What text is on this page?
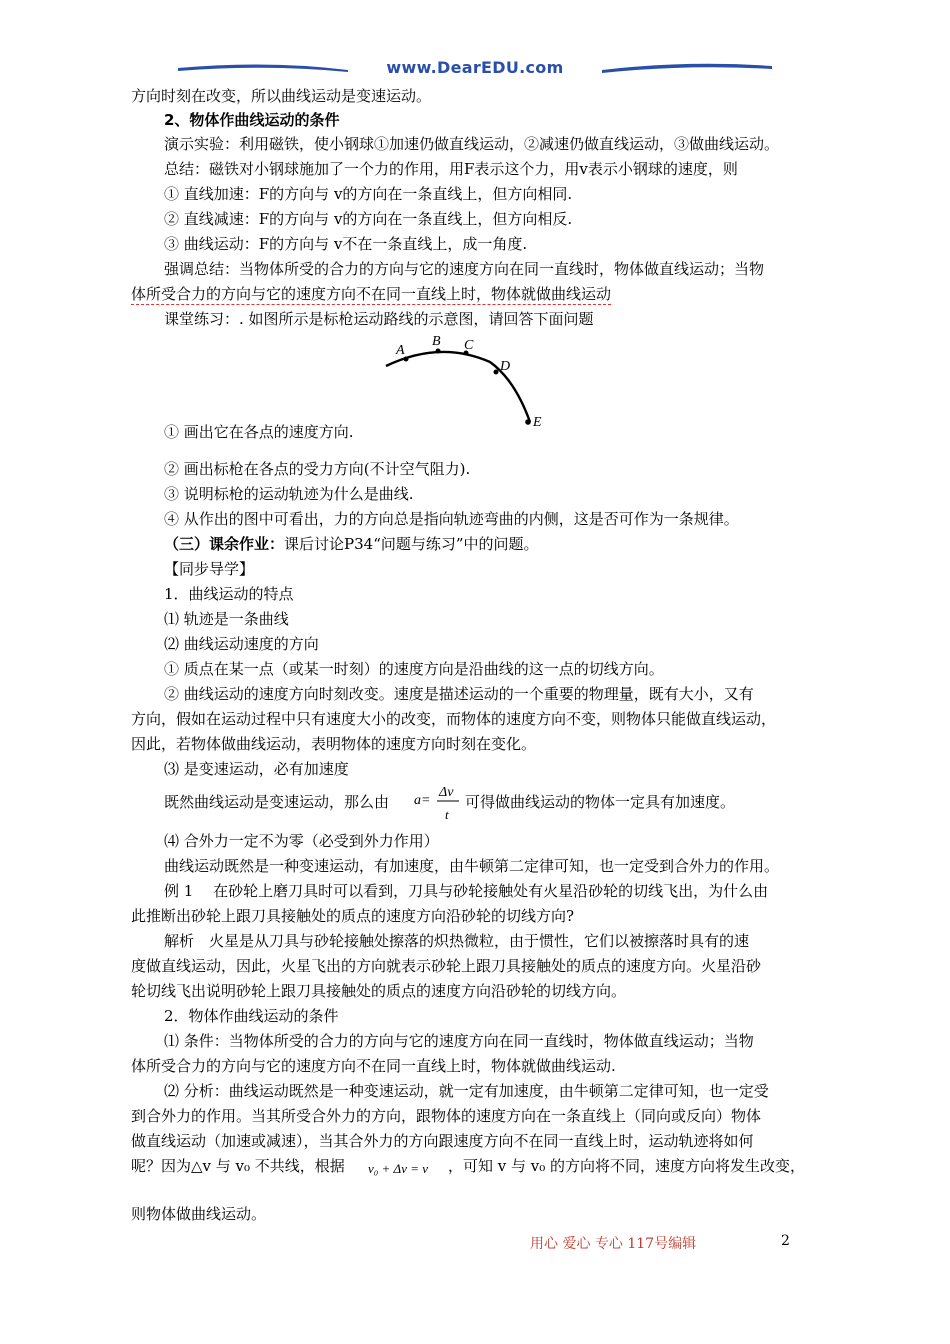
www.DearEDU.com
方向时刻在改变，所以曲线运动是变速运动。
2、物体作曲线运动的条件
演示实验：利用磁铁，使小钢球①加速仍做直线运动，②减速仍做直线运动，③做曲线运动。
总结：磁铁对小钢球施加了一个力的作用，用F表示这个力，用v表示小钢球的速度，则
① 直线加速：F的方向与 v的方向在一条直线上，但方向相同.
② 直线减速：F的方向与 v的方向在一条直线上，但方向相反.
③ 曲线运动：F的方向与 v不在一条直线上，成一角度.
强调总结：当物体所受的合力的方向与它的速度方向在同一直线时，物体做直线运动；当物
体所受合力的方向与它的速度方向不在同一直线上时，物体就做曲线运动
课堂练习：. 如图所示是标枪运动路线的示意图，请回答下面问题
A
B C
D
E
① 画出它在各点的速度方向.
② 画出标枪在各点的受力方向(不计空气阻力).
③ 说明标枪的运动轨迹为什么是曲线.
④ 从作出的图中可看出，力的方向总是指向轨迹弯曲的内侧，这是否可作为一条规律。
（三）课余作业：课后讨论P34“问题与练习”中的问题。
【同步导学】
1．曲线运动的特点
⑴ 轨迹是一条曲线
⑵ 曲线运动速度的方向
① 质点在某一点（或某一时刻）的速度方向是沿曲线的这一点的切线方向。
② 曲线运动的速度方向时刻改变。速度是描述运动的一个重要的物理量，既有大小，又有
方向，假如在运动过程中只有速度大小的改变，而物体的速度方向不变，则物体只能做直线运动，
因此，若物体做曲线运动，表明物体的速度方向时刻在变化。
⑶ 是变速运动，必有加速度
既然曲线运动是变速运动，那么由 a=
Δv
t
可得做曲线运动的物体一定具有加速度。
⑷ 合外力一定不为零（必受到外力作用）
曲线运动既然是一种变速运动，有加速度，由牛顿第二定律可知，也一定受到合外力的作用。
例 1　 在砂轮上磨刀具时可以看到，刀具与砂轮接触处有火星沿砂轮的切线飞出，为什么由
此推断出砂轮上跟刀具接触处的质点的速度方向沿砂轮的切线方向?
解析　火星是从刀具与砂轮接触处擦落的炽热微粒，由于惯性，它们以被擦落时具有的速
度做直线运动，因此，火星飞出的方向就表示砂轮上跟刀具接触处的质点的速度方向。火星沿砂
轮切线飞出说明砂轮上跟刀具接触处的质点的速度方向沿砂轮的切线方向。
2．物体作曲线运动的条件
⑴ 条件：当物体所受的合力的方向与它的速度方向在同一直线时，物体做直线运动；当物
体所受合力的方向与它的速度方向不在同一直线上时，物体就做曲线运动.
⑵ 分析：曲线运动既然是一种变速运动，就一定有加速度，由牛顿第二定律可知，也一定受
到合外力的作用。当其所受合外力的方向，跟物体的速度方向在一条直线上（同向或反向）物体
做直线运动（加速或减速），当其合外力的方向跟速度方向不在同一直线上时，运动轨迹将如何
呢？因为△v 与 v₀ 不共线，根据 v₀ + Δv = v ，可知 v 与 v₀ 的方向将不同，速度方向将发生改变，
则物体做曲线运动。
用心 爱心 专心 117号编辑	2
